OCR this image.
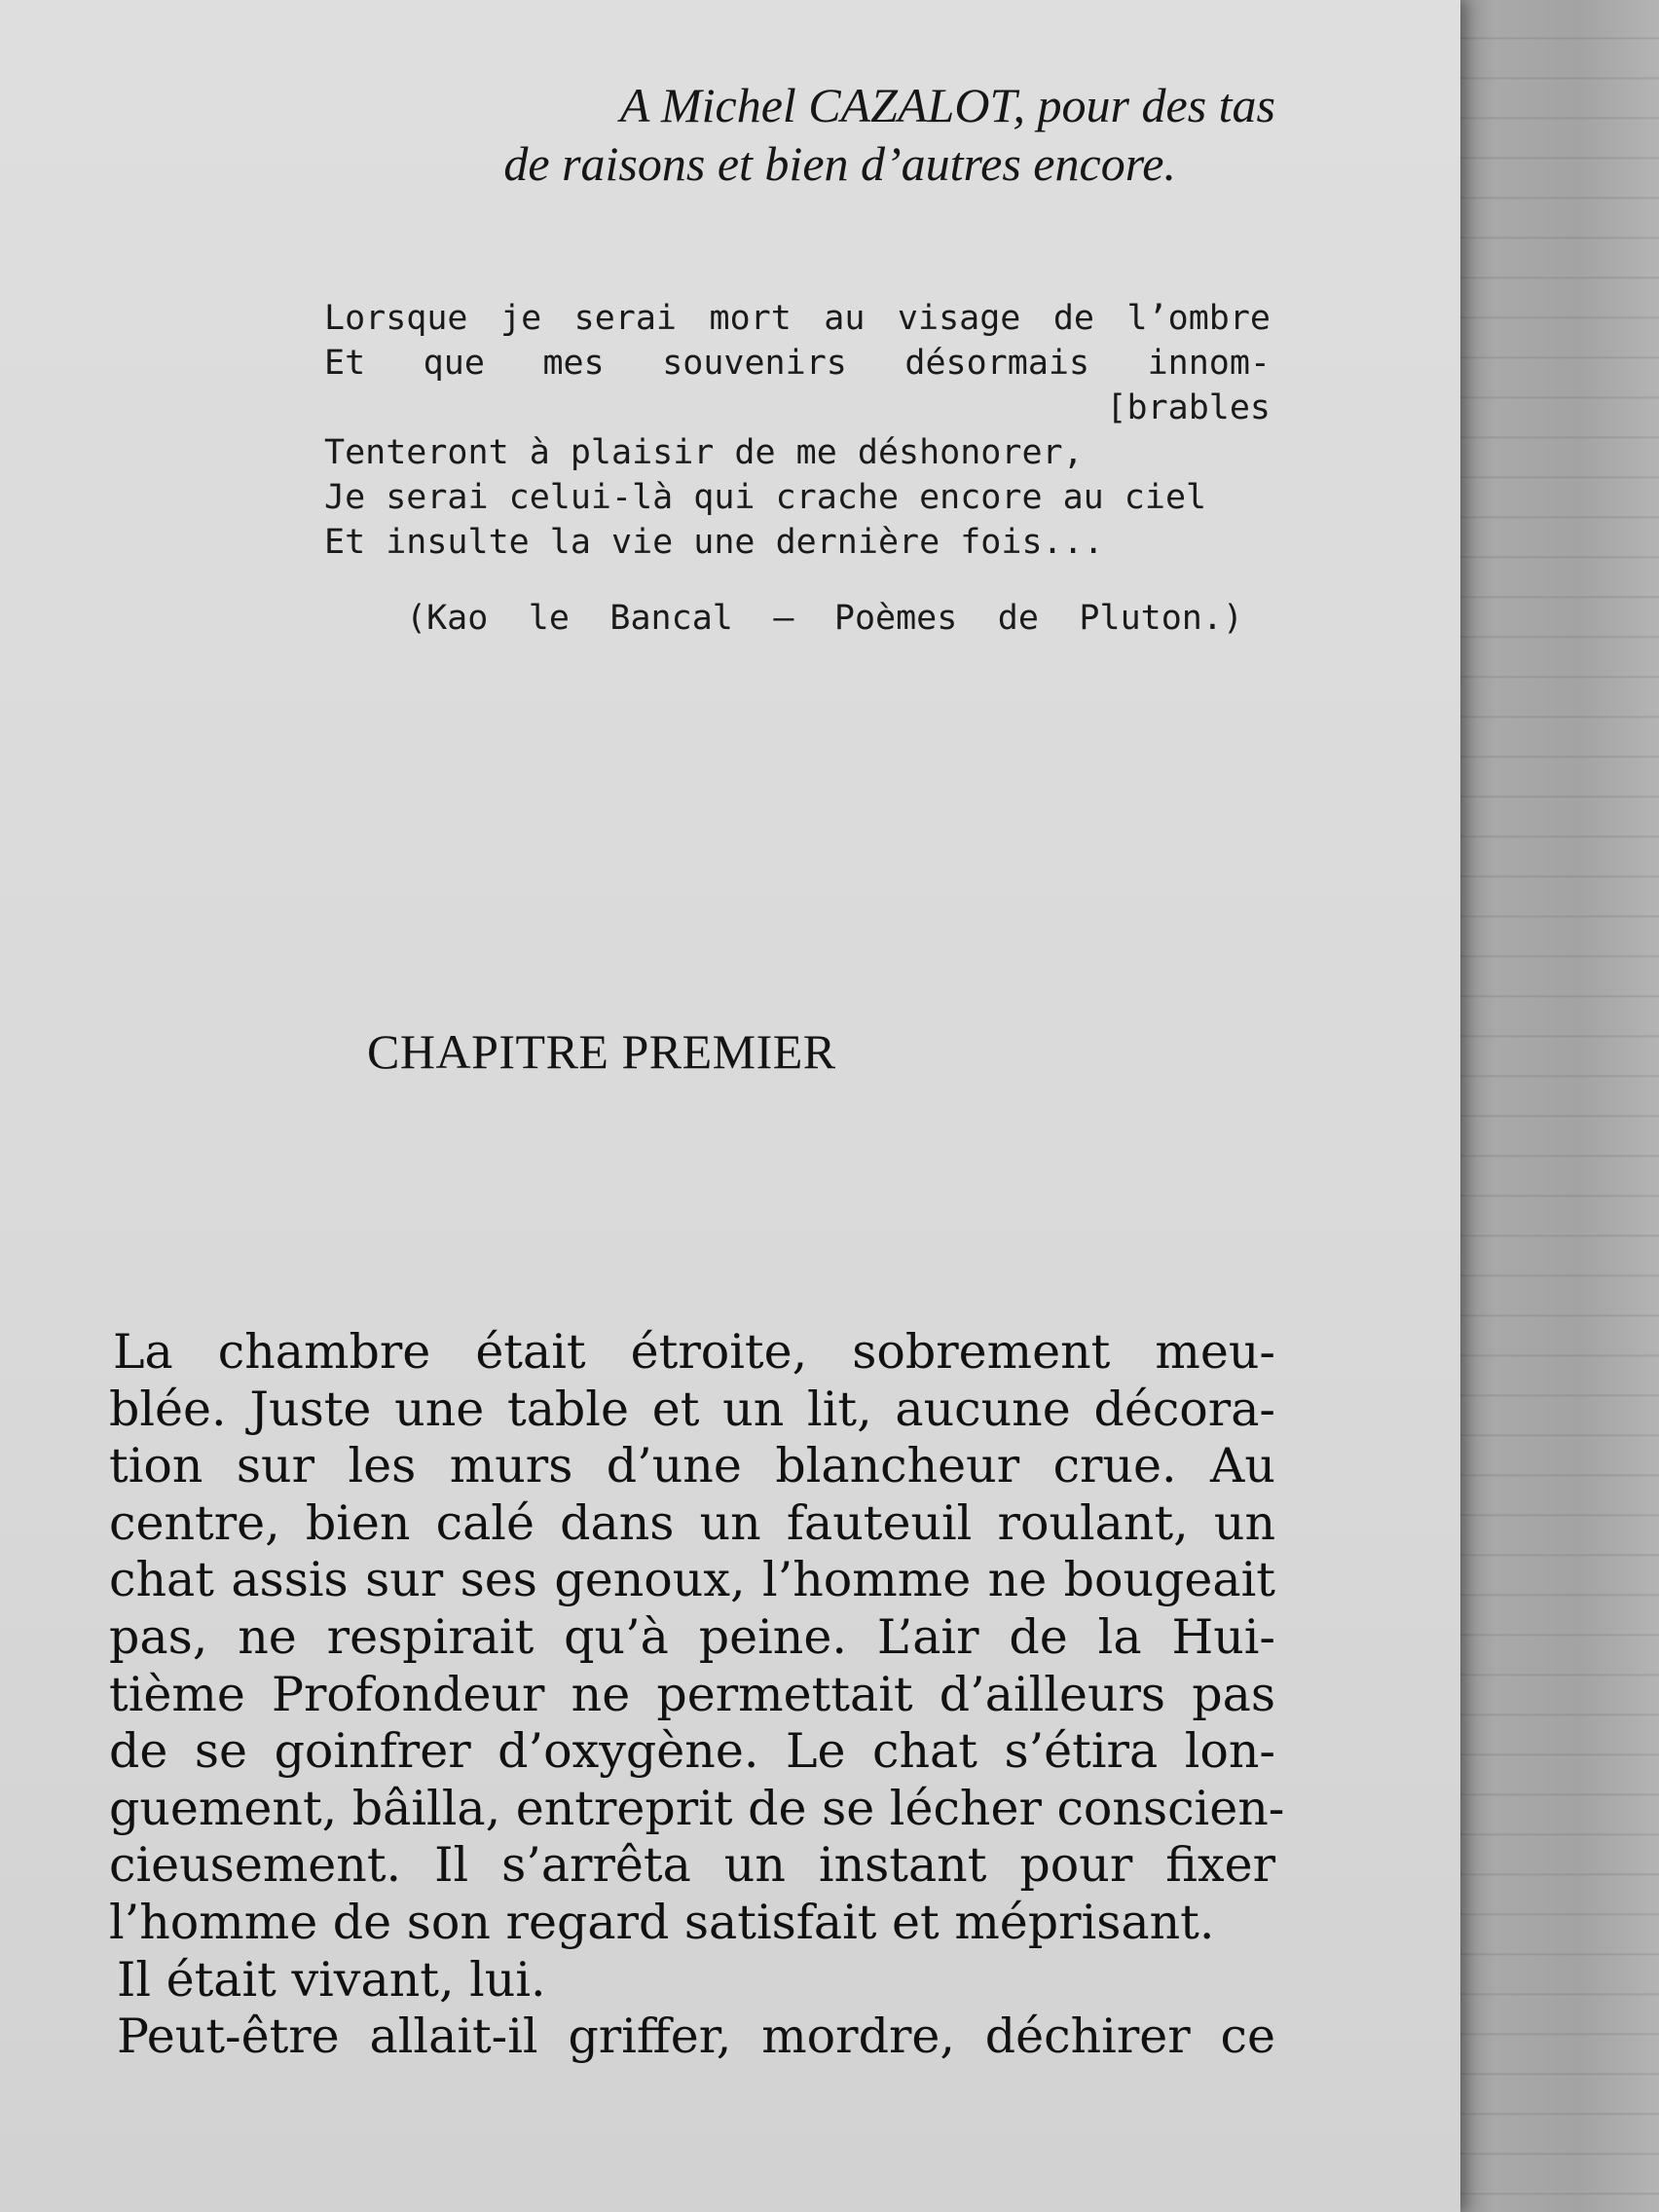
A Michel CAZALOT, pour des tas
de raisons et bien d’autres encore.
Lorsque je serai mort au visage de l’ombre
Et que mes souvenirs désormais innom-
[brables
Tenteront à plaisir de me déshonorer,
Je serai celui-là qui crache encore au ciel
Et insulte la vie une dernière fois...
(Kao le Bancal — Poèmes de Pluton.)
CHAPITRE PREMIER
La chambre était étroite, sobrement meu-
blée. Juste une table et un lit, aucune décora-
tion sur les murs d’une blancheur crue. Au
centre, bien calé dans un fauteuil roulant, un
chat assis sur ses genoux, l’homme ne bougeait
pas, ne respirait qu’à peine. L’air de la Hui-
tième Profondeur ne permettait d’ailleurs pas
de se goinfrer d’oxygène. Le chat s’étira lon-
guement, bâilla, entreprit de se lécher conscien-
cieusement. Il s’arrêta un instant pour fixer
l’homme de son regard satisfait et méprisant.
Il était vivant, lui.
Peut-être allait-il griffer, mordre, déchirer ce
